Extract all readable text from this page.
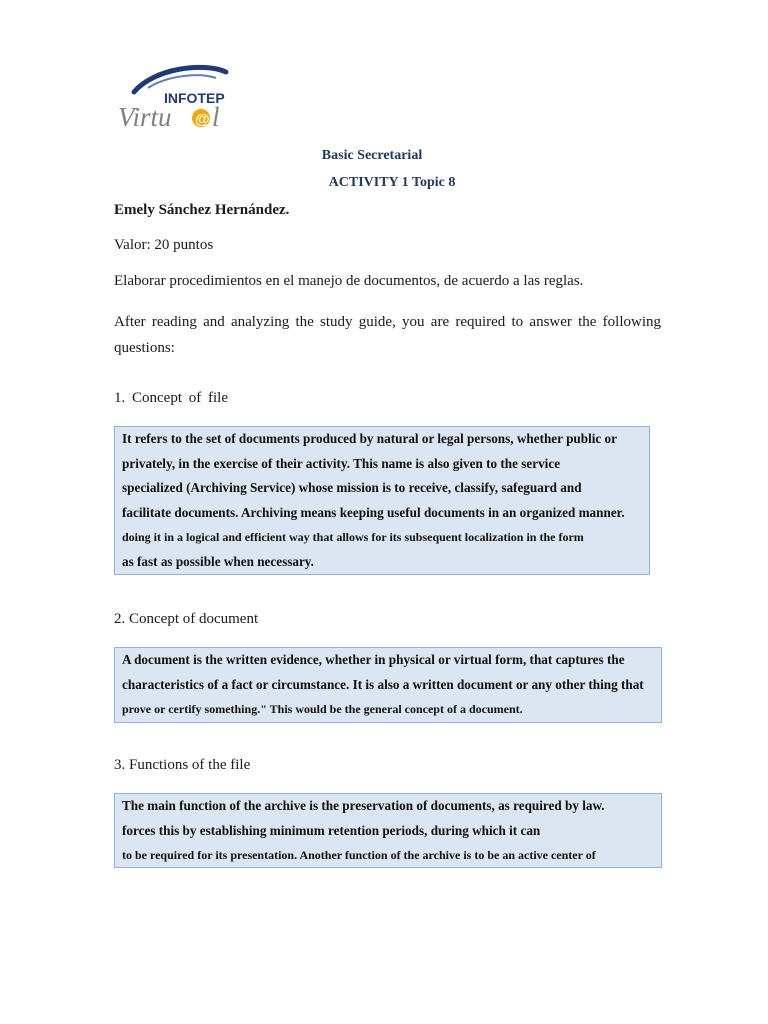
INFOTEP
Virtu @ l
Basic Secretarial
ACTIVITY 1 Topic 8
Emely Sánchez Hernández.
Valor: 20 puntos
Elaborar procedimientos en el manejo de documentos, de acuerdo a las reglas.
After reading and analyzing the study guide, you are required to answer the following questions:
1. Concept of file
It refers to the set of documents produced by natural or legal persons, whether public or
privately, in the exercise of their activity. This name is also given to the service
specialized (Archiving Service) whose mission is to receive, classify, safeguard and
facilitate documents. Archiving means keeping useful documents in an organized manner.
doing it in a logical and efficient way that allows for its subsequent localization in the form
as fast as possible when necessary.
2. Concept of document
A document is the written evidence, whether in physical or virtual form, that captures the
characteristics of a fact or circumstance. It is also a written document or any other thing that
prove or certify something." This would be the general concept of a document.
3. Functions of the file
The main function of the archive is the preservation of documents, as required by law.
forces this by establishing minimum retention periods, during which it can
to be required for its presentation. Another function of the archive is to be an active center of
